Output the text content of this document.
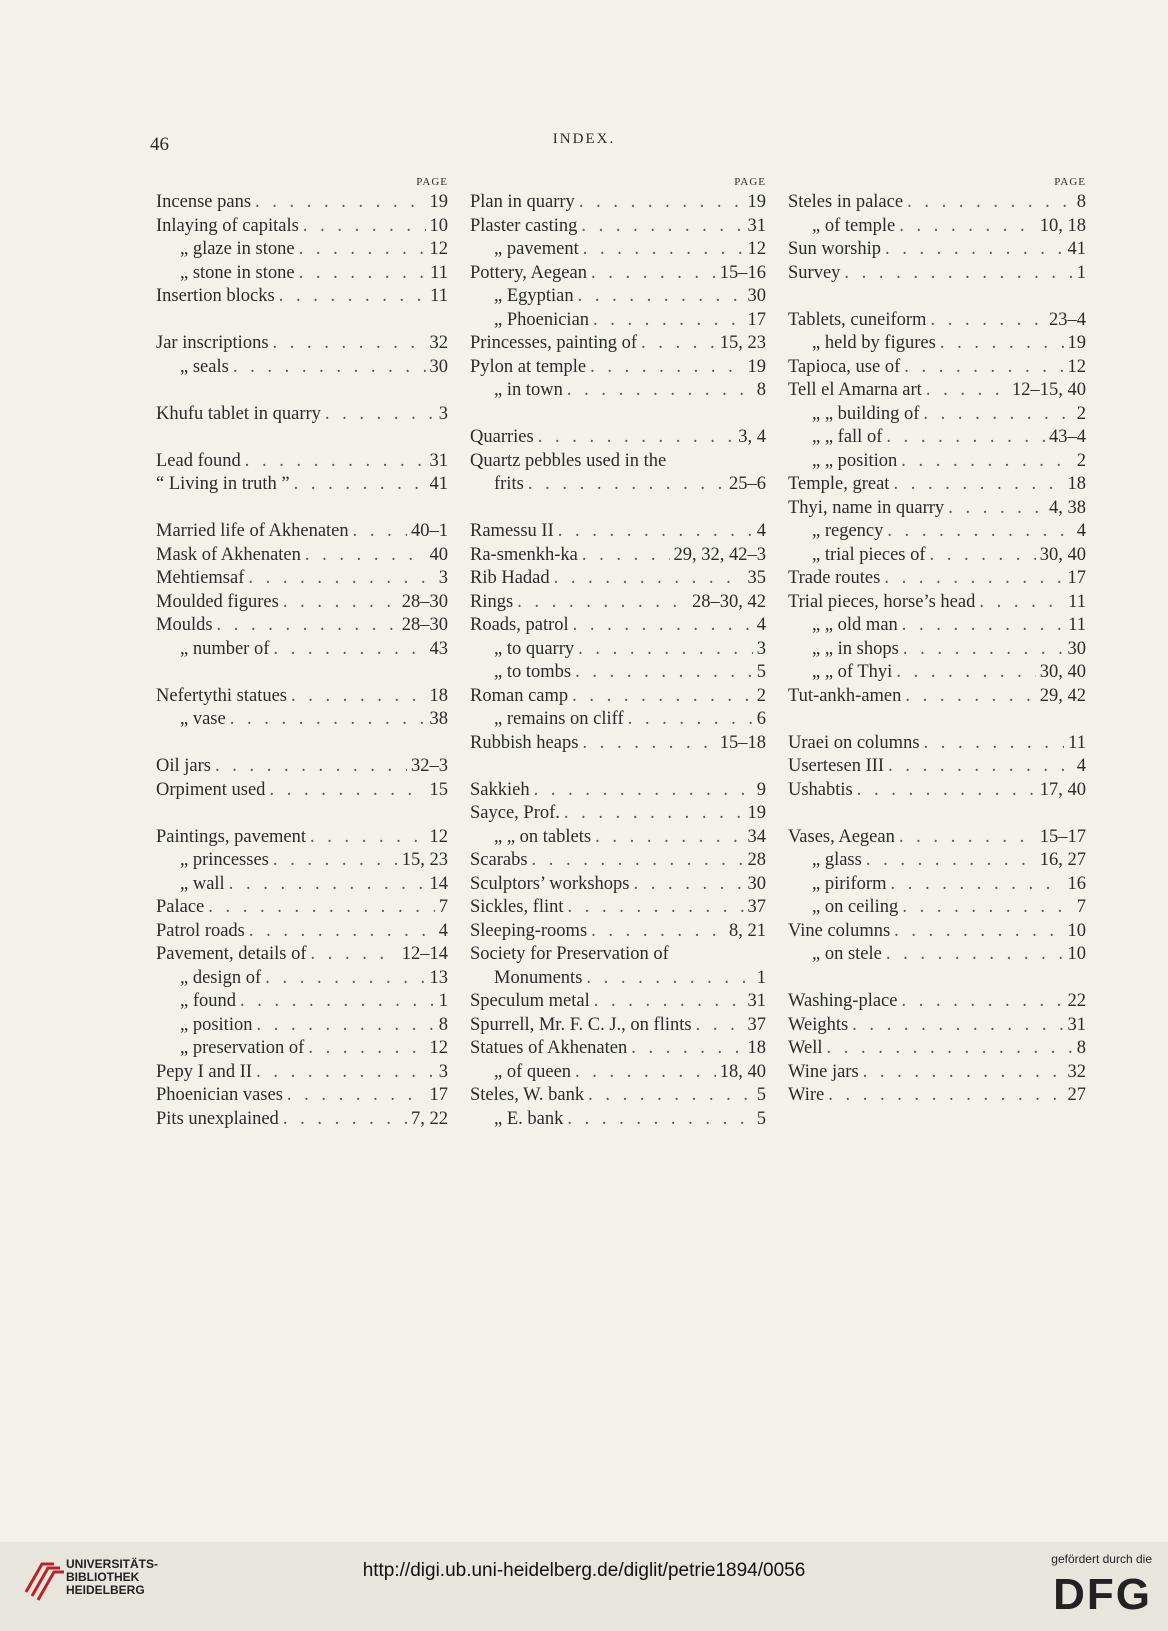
46	INDEX.
PAGE
Incense pans . . .	19
Inlaying of capitals . . .	10
„ glaze in stone . . .	12
„ stone in stone . . .	11
Insertion blocks . . .	11
Jar inscriptions . . .	32
„ seals . . .	30
Khufu tablet in quarry . . .	3
Lead found . . .	31
“ Living in truth ” . . .	41
Married life of Akhenaten . . .	40–1
Mask of Akhenaten . . .	40
Mehtiemsaf . . .	3
Moulded figures . . .	28–30
Moulds . . .	28–30
„ number of . . .	43
Nefertythi statues . . .	18
„ vase . . .	38
Oil jars . . .	32–3
Orpiment used . . .	15
Paintings, pavement . . .	12
„ princesses . . .	15, 23
„ wall . . .	14
Palace . . .	7
Patrol roads . . .	4
Pavement, details of . . .	12–14
„ design of . . .	13
„ found . . .	1
„ position . . .	8
„ preservation of . . .	12
Pepy I and II . . .	3
Phoenician vases . . .	17
Pits unexplained . . .	7, 22
PAGE
Plan in quarry . . .	19
Plaster casting . . .	31
„ pavement . . .	12
Pottery, Aegean . . .	15–16
„ Egyptian . . .	30
„ Phoenician . . .	17
Princesses, painting of . . .	15, 23
Pylon at temple . . .	19
„ in town . . .	8
Quarries . . .	3, 4
Quartz pebbles used in the
frits . . .	25–6
Ramessu II . . .	4
Ra-smenkh-ka . . .	29, 32, 42–3
Rib Hadad . . .	35
Rings . . .	28–30, 42
Roads, patrol . . .	4
„ to quarry . . .	3
„ to tombs . . .	5
Roman camp . . .	2
„ remains on cliff . . .	6
Rubbish heaps . . .	15–18
Sakkieh . . .	9
Sayce, Prof. . . .	19
„ „ on tablets . . .	34
Scarabs . . .	28
Sculptors’ workshops . . .	30
Sickles, flint . . .	37
Sleeping-rooms . . .	8, 21
Society for Preservation of
Monuments . . .	1
Speculum metal . . .	31
Spurrell, Mr. F. C. J., on flints . . .	37
Statues of Akhenaten . . .	18
„ of queen . . .	18, 40
Steles, W. bank . . .	5
„ E. bank . . .	5
PAGE
Steles in palace . . .	8
„ of temple . . .	10, 18
Sun worship . . .	41
Survey . . .	1
Tablets, cuneiform . . .	23–4
„ held by figures . . .	19
Tapioca, use of . . .	12
Tell el Amarna art . . .	12–15, 40
„ „ building of . . .	2
„ „ fall of . . .	43–4
„ „ position . . .	2
Temple, great . . .	18
Thyi, name in quarry . . .	4, 38
„ regency . . .	4
„ trial pieces of . . .	30, 40
Trade routes . . .	17
Trial pieces, horse’s head . . .	11
„ „ old man . . .	11
„ „ in shops . . .	30
„ „ of Thyi . . .	30, 40
Tut-ankh-amen . . .	29, 42
Uraei on columns . . .	11
Usertesen III . . .	4
Ushabtis . . .	17, 40
Vases, Aegean . . .	15–17
„ glass . . .	16, 27
„ piriform . . .	16
„ on ceiling . . .	7
Vine columns . . .	10
„ on stele . . .	10
Washing-place . . .	22
Weights . . .	31
Well . . .	8
Wine jars . . .	32
Wire . . .	27
UNIVERSITÄTS-
BIBLIOTHEK
HEIDELBERG
http://digi.ub.uni-heidelberg.de/diglit/petrie1894/0056
gefördert durch die
DFG
